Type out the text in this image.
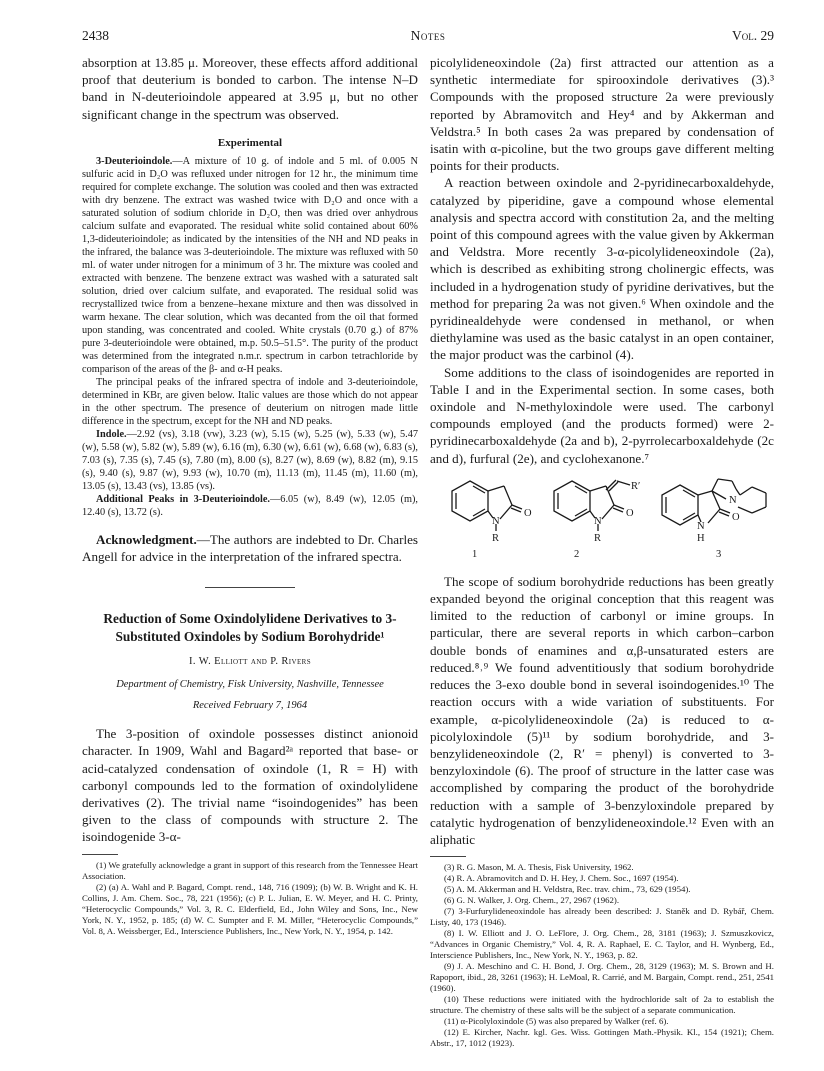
2438	Notes	Vol. 29

absorption at 13.85 μ. Moreover, these effects afford additional proof that deuterium is bonded to carbon. The intense N–D band in N-deuterioindole appeared at 3.95 μ, but no other significant change in the spectrum was observed.

Experimental

3-Deuterioindole.—A mixture of 10 g. of indole and 5 ml. of 0.005 N sulfuric acid in D₂O was refluxed under nitrogen for 12 hr., the minimum time required for complete exchange. The solution was cooled and then was extracted with dry benzene. The extract was washed twice with D₂O and once with a saturated solution of sodium chloride in D₂O, then was dried over anhydrous calcium sulfate and evaporated. The residual white solid contained about 60% 1,3-dideuterioindole; as indicated by the intensities of the NH and ND peaks in the infrared, the balance was 3-deuterioindole. The mixture was refluxed with 50 ml. of water under nitrogen for a minimum of 3 hr. The mixture was cooled and extracted with benzene. The benzene extract was washed with a saturated salt solution, dried over calcium sulfate, and evaporated. The residual solid was recrystallized twice from a benzene–hexane mixture and then was dissolved in warm hexane. The clear solution, which was decanted from the oil that formed upon standing, was concentrated and cooled. White crystals (0.70 g.) of 87% pure 3-deuterioindole were obtained, m.p. 50.5–51.5°. The purity of the product was determined from the integrated n.m.r. spectrum in carbon tetrachloride by comparison of the areas of the β- and α-H peaks.

The principal peaks of the infrared spectra of indole and 3-deuterioindole, determined in KBr, are given below. Italic values are those which do not appear in the other spectrum. The presence of deuterium on nitrogen made little difference in the spectrum, except for the NH and ND peaks.

Indole.—2.92 (vs), 3.18 (vw), 3.23 (w), 5.15 (w), 5.25 (w), 5.33 (w), 5.47 (w), 5.58 (w), 5.82 (w), 5.89 (w), 6.16 (m), 6.30 (w), 6.61 (w), 6.68 (w), 6.83 (s), 7.03 (s), 7.35 (s), 7.45 (s), 7.80 (m), 8.00 (s), 8.27 (w), 8.69 (w), 8.82 (m), 9.15 (s), 9.40 (s), 9.87 (w), 9.93 (w), 10.70 (m), 11.13 (m), 11.45 (m), 11.60 (m), 13.05 (s), 13.43 (vs), 13.85 (vs).

Additional Peaks in 3-Deuterioindole.—6.05 (w), 8.49 (w), 12.05 (m), 12.40 (s), 13.72 (s).

Acknowledgment.—The authors are indebted to Dr. Charles Angell for advice in the interpretation of the infrared spectra.

Reduction of Some Oxindolylidene Derivatives to 3-Substituted Oxindoles by Sodium Borohydride¹
I. W. Elliott and P. Rivers
Department of Chemistry, Fisk University, Nashville, Tennessee
Received February 7, 1964

The 3-position of oxindole possesses distinct anionoid character. In 1909, Wahl and Bagard²ᵃ reported that base- or acid-catalyzed condensation of oxindole (1, R = H) with carbonyl compounds led to the formation of oxindolylidene derivatives (2). The trivial name “isoindogenides” has been given to the class of compounds with structure 2. The isoindogenide 3-α-

(1) We gratefully acknowledge a grant in support of this research from the Tennessee Heart Association.

(2) (a) A. Wahl and P. Bagard, Compt. rend., 148, 716 (1909); (b) W. B. Wright and K. H. Collins, J. Am. Chem. Soc., 78, 221 (1956); (c) P. L. Julian, E. W. Meyer, and H. C. Printy, “Heterocyclic Compounds,” Vol. 3, R. C. Elderfield, Ed., John Wiley and Sons, Inc., New York, N. Y., 1952, p. 185; (d) W. C. Sumpter and F. M. Miller, “Heterocyclic Compounds,” Vol. 8, A. Weissberger, Ed., Interscience Publishers, Inc., New York, N. Y., 1954, p. 142.

picolylideneoxindole (2a) first attracted our attention as a synthetic intermediate for spirooxindole derivatives (3).³ Compounds with the proposed structure 2a were previously reported by Abramovitch and Hey⁴ and by Akkerman and Veldstra.⁵ In both cases 2a was prepared by condensation of isatin with α-picoline, but the two groups gave different melting points for their products.

A reaction between oxindole and 2-pyridinecarboxaldehyde, catalyzed by piperidine, gave a compound whose elemental analysis and spectra accord with constitution 2a, and the melting point of this compound agrees with the value given by Akkerman and Veldstra. More recently 3-α-picolylideneoxindole (2a), which is described as exhibiting strong cholinergic effects, was included in a hydrogenation study of pyridine derivatives, but the method for preparing 2a was not given.⁶ When oxindole and the pyridinealdehyde were condensed in methanol, or when diethylamine was used as the basic catalyst in an open container, the major product was the carbinol (4).

Some additions to the class of isoindogenides are reported in Table I and in the Experimental section. In some cases, both oxindole and N-methyloxindole were used. The carbonyl compounds employed (and the products formed) were 2-pyridinecarboxaldehyde (2a and b), 2-pyrrolecarboxaldehyde (2c and d), furfural (2e), and cyclohexanone.⁷

N
R
O
N
R
O
R′
N
H
O
N
1	2	3

The scope of sodium borohydride reductions has been greatly expanded beyond the original conception that this reagent was limited to the reduction of carbonyl or imine groups. In particular, there are several reports in which carbon–carbon double bonds of enamines and α,β-unsaturated esters are reduced.⁸˒⁹ We found adventitiously that sodium borohydride reduces the 3-exo double bond in several isoindogenides.¹⁰ The reaction occurs with a wide variation of substituents. For example, α-picolylideneoxindole (2a) is reduced to α-picolyloxindole (5)¹¹ by sodium borohydride, and 3-benzylideneoxindole (2, R′ = phenyl) is converted to 3-benzyloxindole (6). The proof of structure in the latter case was accomplished by comparing the product of the borohydride reduction with a sample of 3-benzyloxindole prepared by catalytic hydrogenation of benzylideneoxindole.¹² Even with an aliphatic

(3) R. G. Mason, M. A. Thesis, Fisk University, 1962.

(4) R. A. Abramovitch and D. H. Hey, J. Chem. Soc., 1697 (1954).

(5) A. M. Akkerman and H. Veldstra, Rec. trav. chim., 73, 629 (1954).

(6) G. N. Walker, J. Org. Chem., 27, 2967 (1962).

(7) 3-Furfurylideneoxindole has already been described: J. Staněk and D. Rybář, Chem. Listy, 40, 173 (1946).

(8) I. W. Elliott and J. O. LeFlore, J. Org. Chem., 28, 3181 (1963); J. Szmuszkovicz, “Advances in Organic Chemistry,” Vol. 4, R. A. Raphael, E. C. Taylor, and H. Wynberg, Ed., Interscience Publishers, Inc., New York, N. Y., 1963, p. 82.

(9) J. A. Meschino and C. H. Bond, J. Org. Chem., 28, 3129 (1963); M. S. Brown and H. Rapoport, ibid., 28, 3261 (1963); H. LeMoal, R. Carrié, and M. Bargain, Compt. rend., 251, 2541 (1960).

(10) These reductions were initiated with the hydrochloride salt of 2a to establish the structure. The chemistry of these salts will be the subject of a separate communication.

(11) α-Picolyloxindole (5) was also prepared by Walker (ref. 6).

(12) E. Kircher, Nachr. kgl. Ges. Wiss. Gottingen Math.-Physik. Kl., 154 (1921); Chem. Abstr., 17, 1012 (1923).
